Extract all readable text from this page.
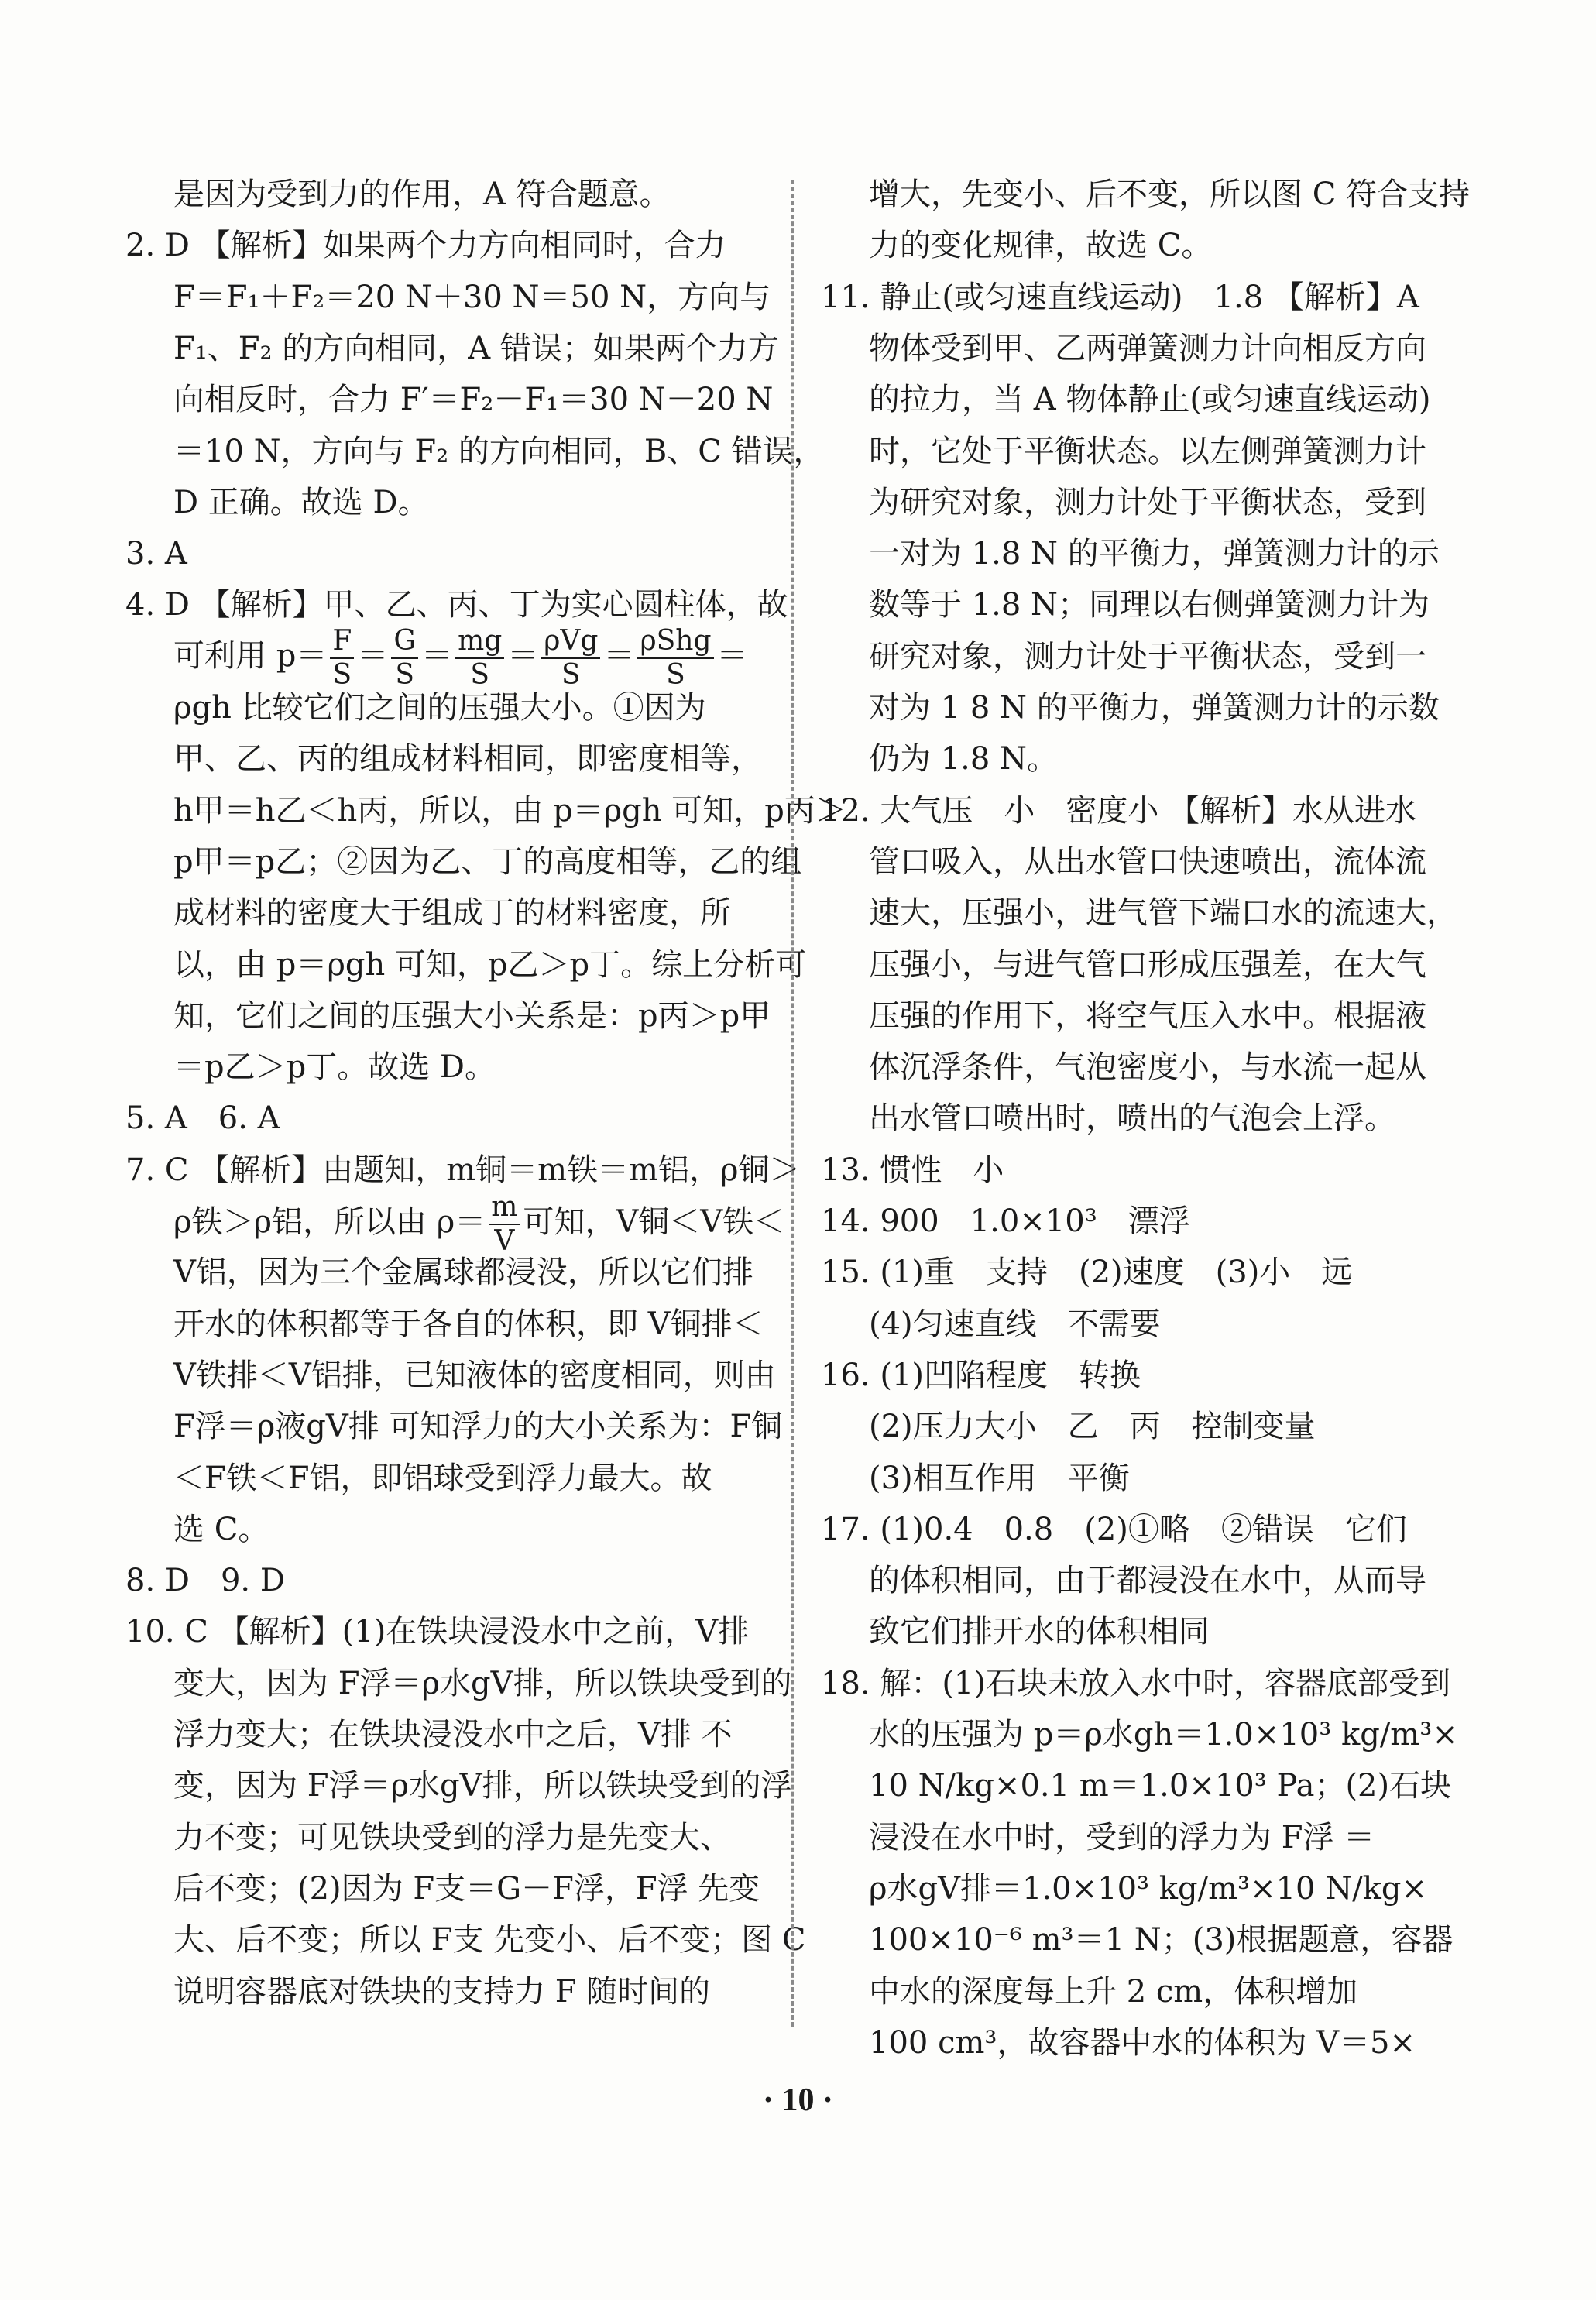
可利用 $p= \frac{F}{S} = \frac{G}{S} = \frac{mg}{S} = \frac{\text{ρVg}}{S} = \frac{\text{ρShg}}{S}$ ＝
ρ铁＞ρ铝，所以由 $\rho= \frac{m}{V}$ 可知，V铜＜V铁＜
是因为受到力的作用，A 符合题意。
2. D 【解析】如果两个力方向相同时，合力
F＝F₁＋F₂＝20 N＋30 N＝50 N，方向与
F₁、F₂ 的方向相同，A 错误；如果两个力方
向相反时，合力 F′＝F₂－F₁＝30 N－20 N
＝10 N，方向与 F₂ 的方向相同，B、C 错误，
D 正确。故选 D。
3. A
4. D 【解析】甲、乙、丙、丁为实心圆柱体，故
ρgh 比较它们之间的压强大小。①因为
甲、乙、丙的组成材料相同，即密度相等，
h甲＝h乙＜h丙，所以，由 p＝ρgh 可知，p丙＞
p甲＝p乙；②因为乙、丁的高度相等，乙的组
成材料的密度大于组成丁的材料密度，所
以，由 p＝ρgh 可知，p乙＞p丁。综上分析可
知，它们之间的压强大小关系是：p丙＞p甲
＝p乙＞p丁。故选 D。
5. A　6. A
7. C 【解析】由题知，m铜＝m铁＝m铝，ρ铜＞
V铝，因为三个金属球都浸没，所以它们排
开水的体积都等于各自的体积，即 V铜排＜
V铁排＜V铝排，已知液体的密度相同，则由
F浮＝ρ液gV排 可知浮力的大小关系为：F铜
＜F铁＜F铝，即铝球受到浮力最大。故
选 C。
8. D　9. D
10. C 【解析】(1)在铁块浸没水中之前，V排
变大，因为 F浮＝ρ水gV排，所以铁块受到的
浮力变大；在铁块浸没水中之后，V排 不
变，因为 F浮＝ρ水gV排，所以铁块受到的浮
力不变；可见铁块受到的浮力是先变大、
后不变；(2)因为 F支＝G－F浮，F浮 先变
大、后不变；所以 F支 先变小、后不变；图 C
说明容器底对铁块的支持力 F 随时间的
增大，先变小、后不变，所以图 C 符合支持
力的变化规律，故选 C。
11. 静止(或匀速直线运动)　1.8 【解析】A
物体受到甲、乙两弹簧测力计向相反方向
的拉力，当 A 物体静止(或匀速直线运动)
时，它处于平衡状态。以左侧弹簧测力计
为研究对象，测力计处于平衡状态，受到
一对为 1.8 N 的平衡力，弹簧测力计的示
数等于 1.8 N；同理以右侧弹簧测力计为
研究对象，测力计处于平衡状态，受到一
对为 1 8 N 的平衡力，弹簧测力计的示数
仍为 1.8 N。
12. 大气压　小　密度小 【解析】水从进水
管口吸入，从出水管口快速喷出，流体流
速大，压强小，进气管下端口水的流速大，
压强小，与进气管口形成压强差，在大气
压强的作用下，将空气压入水中。根据液
体沉浮条件，气泡密度小，与水流一起从
出水管口喷出时，喷出的气泡会上浮。
13. 惯性　小
14. 900　1.0×10³　漂浮
15. (1)重　支持　(2)速度　(3)小　远
(4)匀速直线　不需要
16. (1)凹陷程度　转换
(2)压力大小　乙　丙　控制变量
(3)相互作用　平衡
17. (1)0.4　0.8　(2)①略　②错误　它们
的体积相同，由于都浸没在水中，从而导
致它们排开水的体积相同
18. 解：(1)石块未放入水中时，容器底部受到
水的压强为 p＝ρ水gh＝1.0×10³ kg/m³×
10 N/kg×0.1 m＝1.0×10³ Pa；(2)石块
浸没在水中时，受到的浮力为 F浮 ＝
ρ水gV排＝1.0×10³ kg/m³×10 N/kg×
100×10⁻⁶ m³＝1 N；(3)根据题意，容器
中水的深度每上升 2 cm，体积增加
100 cm³，故容器中水的体积为 V＝5×
· 10 ·
